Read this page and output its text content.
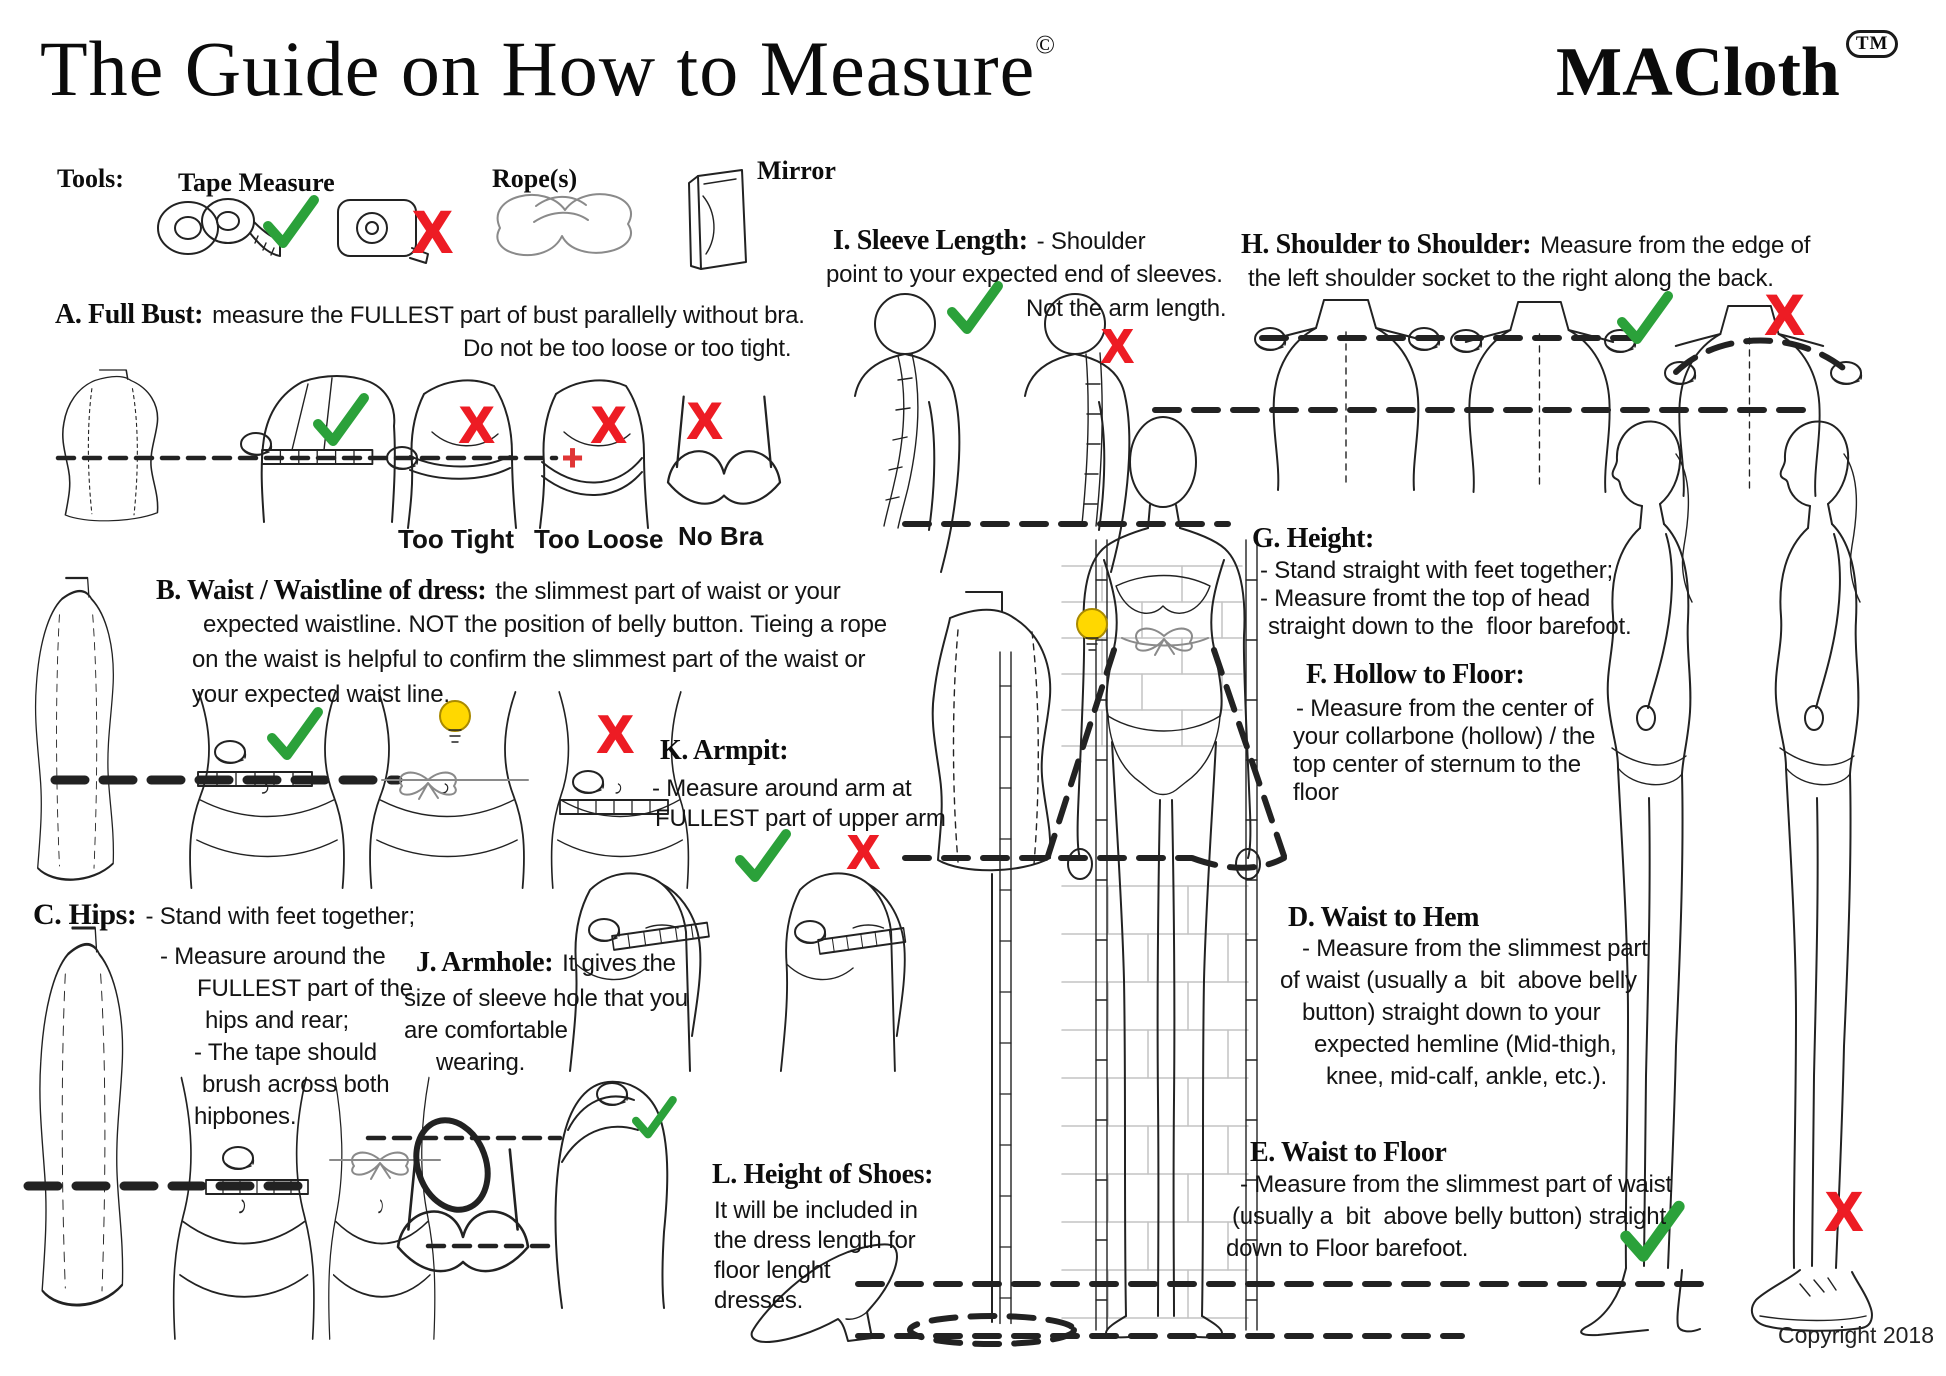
X
X X X
X
X
X	X
X
+
The Guide on How to Measure©	MACloth TM
Tools: Tape Measure	Rope(s)	Mirror
A. Full Bust: measure the FULLEST part of bust parallelly without bra.
Do not be too loose or too tight.
Too Tight Too Loose No Bra
B. Waist / Waistline of dress: the slimmest part of waist or your
expected waistline. NOT the position of belly button. Tieing a rope
on the waist is helpful to confirm the slimmest part of the waist or
your expected waist line.
C. Hips: - Stand with feet together;
- Measure around the
FULLEST part of the
hips and rear;
- The tape should
brush across both
hipbones.
J. Armhole: It gives the
size of sleeve hole that you
are comfortable
wearing.
K. Armpit:
- Measure around arm at
FULLEST part of upper arm
L. Height of Shoes:
It will be included in
the dress length for
floor lenght
dresses.
I. Sleeve Length: - Shoulder
point to your expected end of sleeves.
Not the arm length.
H. Shoulder to Shoulder: Measure from the edge of
the left shoulder socket to the right along the back.
G. Height:
- Stand straight with feet together;
- Measure fromt the top of head
straight down to the  floor barefoot.
F. Hollow to Floor:
- Measure from the center of
your collarbone (hollow) / the
top center of sternum to the
floor
D. Waist to Hem
- Measure from the slimmest part
of waist (usually a  bit  above belly
button) straight down to your
expected hemline (Mid-thigh,
knee, mid-calf, ankle, etc.).
E. Waist to Floor
- Measure from the slimmest part of waist
(usually a  bit  above belly button) straight
down to Floor barefoot.
Copyright 2018
